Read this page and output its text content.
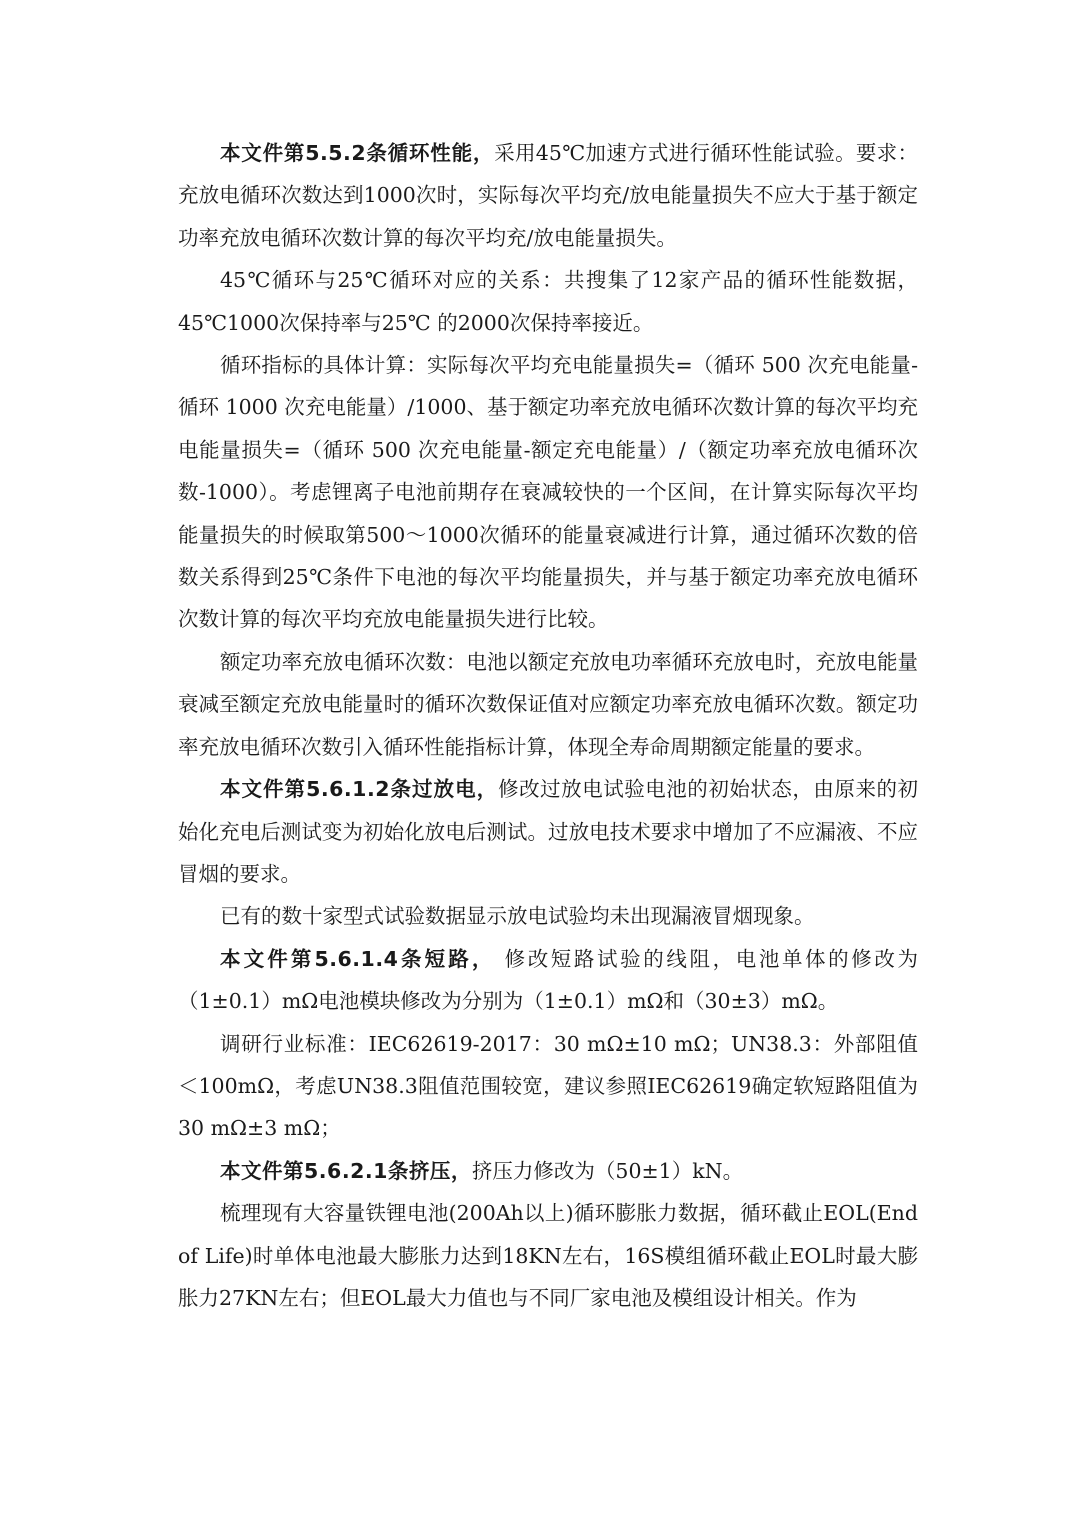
本文件第5.5.2条循环性能，采用45℃加速方式进行循环性能试验。要求：充放电循环次数达到1000次时，实际每次平均充/放电能量损失不应大于基于额定功率充放电循环次数计算的每次平均充/放电能量损失。

45℃循环与25℃循环对应的关系：共搜集了12家产品的循环性能数据，45℃1000次保持率与25℃ 的2000次保持率接近。

循环指标的具体计算：实际每次平均充电能量损失=（循环 500 次充电能量-循环 1000 次充电能量）/1000、基于额定功率充放电循环次数计算的每次平均充电能量损失=（循环 500 次充电能量-额定充电能量）/（额定功率充放电循环次数-1000）。考虑锂离子电池前期存在衰减较快的一个区间，在计算实际每次平均能量损失的时候取第500～1000次循环的能量衰减进行计算，通过循环次数的倍数关系得到25℃条件下电池的每次平均能量损失，并与基于额定功率充放电循环次数计算的每次平均充放电能量损失进行比较。

额定功率充放电循环次数：电池以额定充放电功率循环充放电时，充放电能量衰减至额定充放电能量时的循环次数保证值对应额定功率充放电循环次数。额定功率充放电循环次数引入循环性能指标计算，体现全寿命周期额定能量的要求。

本文件第5.6.1.2条过放电，修改过放电试验电池的初始状态，由原来的初始化充电后测试变为初始化放电后测试。过放电技术要求中增加了不应漏液、不应冒烟的要求。

已有的数十家型式试验数据显示放电试验均未出现漏液冒烟现象。

本文件第5.6.1.4条短路， 修改短路试验的线阻，电池单体的修改为（1±0.1）mΩ电池模块修改为分别为（1±0.1）mΩ和（30±3）mΩ。

调研行业标准：IEC62619-2017：30 mΩ±10 mΩ；UN38.3：外部阻值＜100mΩ，考虑UN38.3阻值范围较宽，建议参照IEC62619确定软短路阻值为30 mΩ±3 mΩ；

本文件第5.6.2.1条挤压，挤压力修改为（50±1）kN。

梳理现有大容量铁锂电池(200Ah以上)循环膨胀力数据，循环截止EOL(End of Life)时单体电池最大膨胀力达到18KN左右，16S模组循环截止EOL时最大膨胀力27KN左右；但EOL最大力值也与不同厂家电池及模组设计相关。作为
